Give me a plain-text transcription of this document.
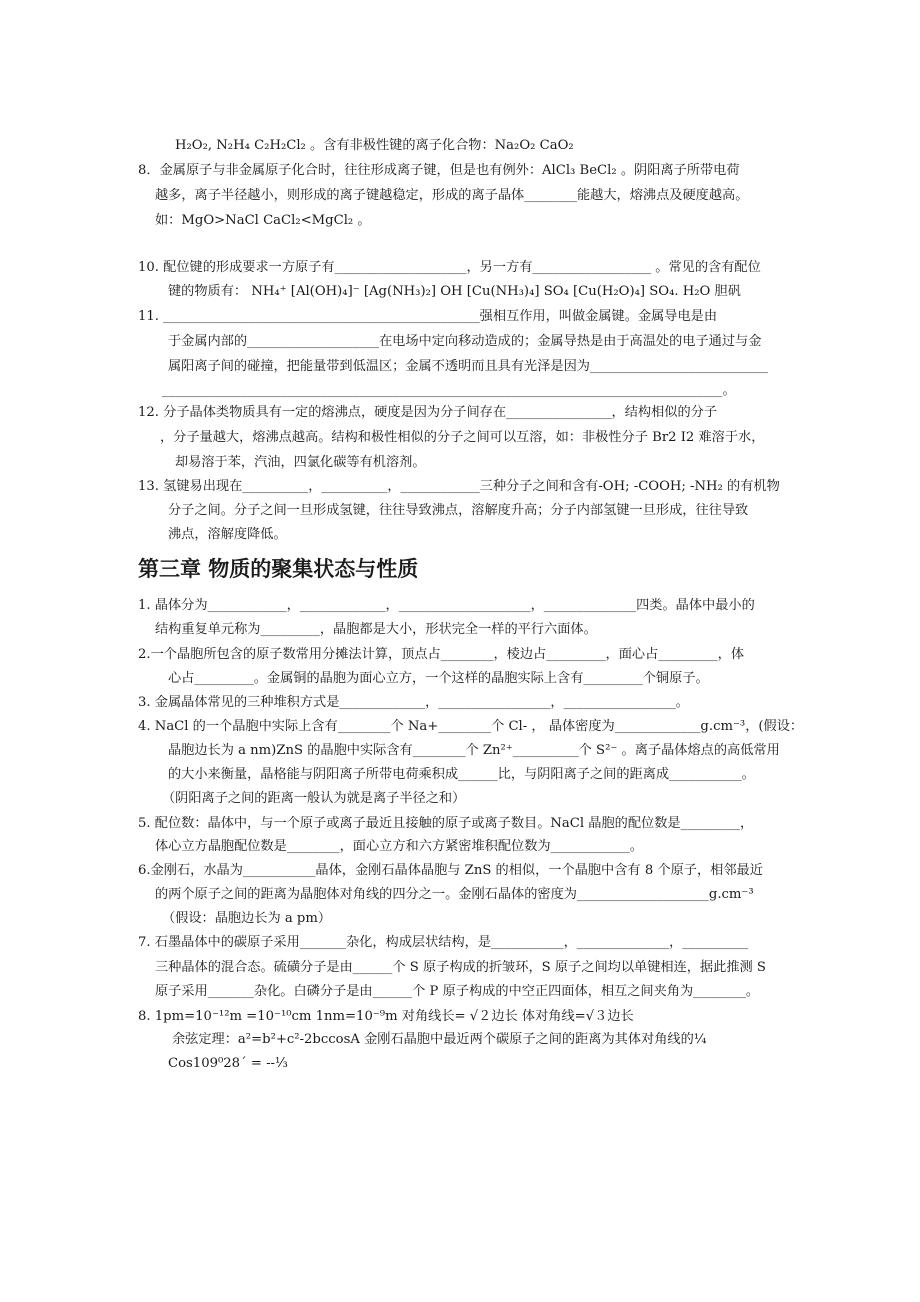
H₂O₂, N₂H₄ C₂H₂Cl₂ 。含有非极性键的离子化合物：Na₂O₂ CaO₂
8．金属原子与非金属原子化合时，往往形成离子键，但是也有例外：AlCl₃ BeCl₂ 。阴阳离子所带电荷
越多，离子半径越小，则形成的离子键越稳定，形成的离子晶体________能越大，熔沸点及硬度越高。
如：MgO>NaCl CaCl₂<MgCl₂ 。
10. 配位键的形成要求一方原子有____________________，另一方有__________________ 。常见的含有配位
键的物质有： NH₄⁺ [Al(OH)₄]⁻ [Ag(NH₃)₂] OH [Cu(NH₃)₄] SO₄ [Cu(H₂O)₄] SO₄. H₂O 胆矾
11. ________________________________________________强相互作用，叫做金属键。金属导电是由
于金属内部的____________________在电场中定向移动造成的；金属导热是由于高温处的电子通过与金
属阳离子间的碰撞，把能量带到低温区；金属不透明而且具有光泽是因为___________________________
_____________________________________________________________________________________。
12. 分子晶体类物质具有一定的熔沸点，硬度是因为分子间存在________________，结构相似的分子
，分子量越大，熔沸点越高。结构和极性相似的分子之间可以互溶，如：非极性分子 Br2 I2 难溶于水，
却易溶于苯，汽油，四氯化碳等有机溶剂。
13. 氢键易出现在__________，__________，____________三种分子之间和含有-OH; -COOH; -NH₂ 的有机物
分子之间。分子之间一旦形成氢键，往往导致沸点，溶解度升高；分子内部氢键一旦形成，往往导致
沸点，溶解度降低。
第三章 物质的聚集状态与性质
1. 晶体分为____________，_____________，____________________，______________四类。晶体中最小的
结构重复单元称为_________，晶胞都是大小，形状完全一样的平行六面体。
2.一个晶胞所包含的原子数常用分摊法计算，顶点占________，棱边占_________，面心占_________，体
心占_________。金属铜的晶胞为面心立方，一个这样的晶胞实际上含有_________个铜原子。
3. 金属晶体常见的三种堆积方式是_____________，_________________，_________________。
4. NaCl 的一个晶胞中实际上含有________个 Na+________个 Cl- ， 晶体密度为_____________g.cm⁻³，(假设：
晶胞边长为 a nm)ZnS 的晶胞中实际含有________个 Zn²⁺__________个 S²⁻ 。离子晶体熔点的高低常用
的大小来衡量，晶格能与阴阳离子所带电荷乘积成______比，与阴阳离子之间的距离成___________。
（阴阳离子之间的距离一般认为就是离子半径之和）
5. 配位数：晶体中，与一个原子或离子最近且接触的原子或离子数目。NaCl 晶胞的配位数是_________，
体心立方晶胞配位数是________，面心立方和六方紧密堆积配位数为____________。
6.金刚石，水晶为___________晶体，金刚石晶体晶胞与 ZnS 的相似，一个晶胞中含有 8 个原子，相邻最近
的两个原子之间的距离为晶胞体对角线的四分之一。金刚石晶体的密度为____________________g.cm⁻³
（假设：晶胞边长为 a pm）
7. 石墨晶体中的碳原子采用_______杂化，构成层状结构，是___________，______________，__________
三种晶体的混合态。硫磺分子是由______个 S 原子构成的折皱环，S 原子之间均以单键相连，据此推测 S
原子采用_______杂化。白磷分子是由______个 P 原子构成的中空正四面体，相互之间夹角为________。
8. 1pm=10⁻¹²m =10⁻¹⁰cm 1nm=10⁻⁹m 对角线长= √２边长 体对角线=√３边长
余弦定理：a²=b²+c²-2bccosA 金刚石晶胞中最近两个碳原子之间的距离为其体对角线的¼
Cos109⁰28ˊ = --⅓
